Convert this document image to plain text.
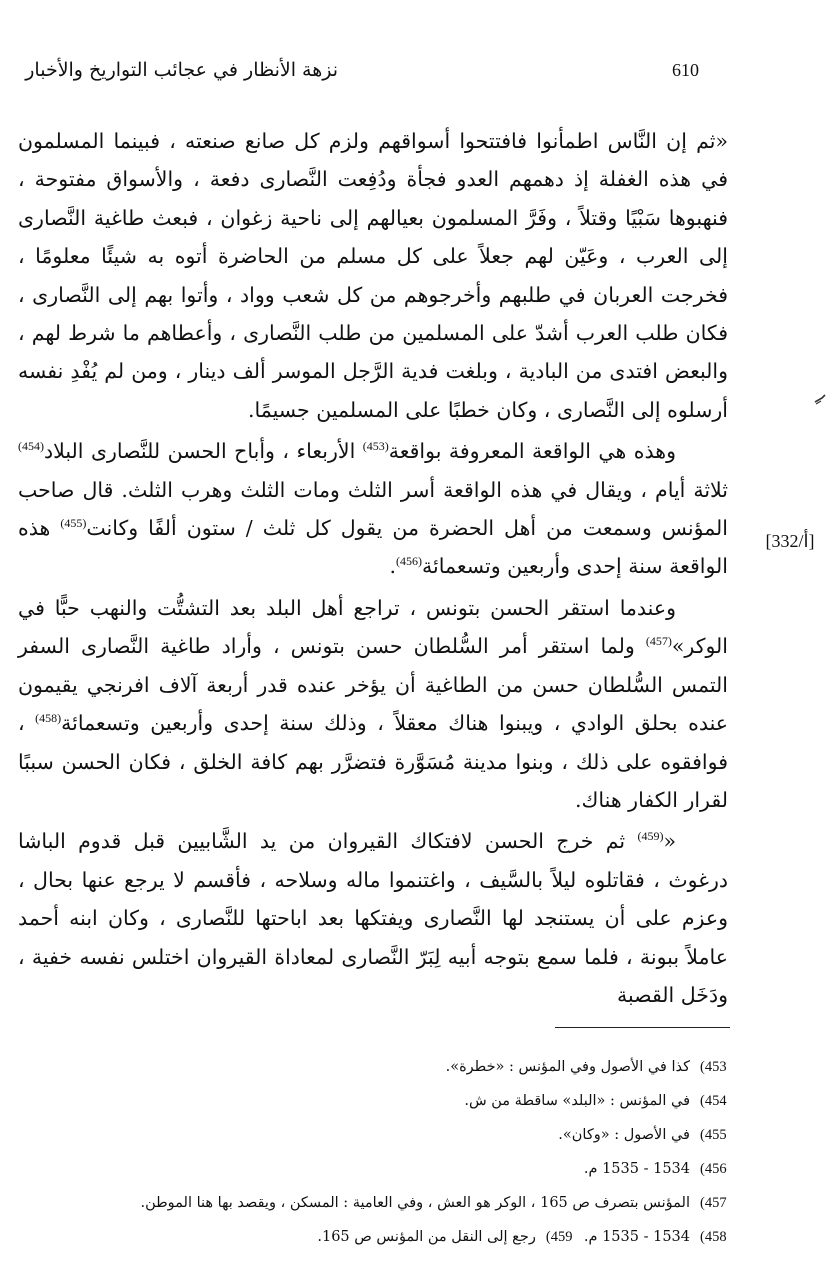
610
نزهة الأنظار في عجائب التواريخ والأخبار
[332/أ]

«ثم إن النَّاس اطمأنوا فافتتحوا أسواقهم ولزم كل صانع صنعته ، فبينما المسلمون في هذه الغفلة إذ دهمهم العدو فجأة ودُفِعت النَّصارى دفعة ، والأسواق مفتوحة ، فنهبوها سَبْيًا وقتلاً ، وفَرَّ المسلمون بعيالهم إلى ناحية زغوان ، فبعث طاغية النَّصارى إلى العرب ، وعَيّن لهم جعلاً على كل مسلم من الحاضرة أتوه به شيئًا معلومًا ، فخرجت العربان في طلبهم وأخرجوهم من كل شعب وواد ، وأتوا بهم إلى النَّصارى ، فكان طلب العرب أشدّ على المسلمين من طلب النَّصارى ، وأعطاهم ما شرط لهم ، والبعض افتدى من البادية ، وبلغت فدية الرَّجل الموسر ألف دينار ، ومن لم يُفْدِ نفسه أرسلوه إلى النَّصارى ، وكان خطبًا على المسلمين جسيمًا.

وهذه هي الواقعة المعروفة بواقعة$^{(453)}$ الأربعاء ، وأباح الحسن للنَّصارى البلاد$^{(454)}$ ثلاثة أيام ، ويقال في هذه الواقعة أسر الثلث ومات الثلث وهرب الثلث. قال صاحب المؤنس وسمعت من أهل الحضرة من يقول كل ثلث / ستون ألفًا وكانت$^{(455)}$ هذه الواقعة سنة إحدى وأربعين وتسعمائة$^{(456)}$.

وعندما استقر الحسن بتونس ، تراجع أهل البلد بعد التشتُّت والنهب حبًّا في الوكر»$^{(457)}$ ولما استقر أمر السُّلطان حسن بتونس ، وأراد طاغية النَّصارى السفر التمس السُّلطان حسن من الطاغية أن يؤخر عنده قدر أربعة آلاف افرنجي يقيمون عنده بحلق الوادي ، ويبنوا هناك معقلاً ، وذلك سنة إحدى وأربعين وتسعمائة$^{(458)}$ ، فوافقوه على ذلك ، وبنوا مدينة مُسَوَّرة فتضرَّر بهم كافة الخلق ، فكان الحسن سببًا لقرار الكفار هناك.

«$^{(459)}$ ثم خرج الحسن لافتكاك القيروان من يد الشَّابيين قبل قدوم الباشا درغوث ، فقاتلوه ليلاً بالسَّيف ، واغتنموا ماله وسلاحه ، فأقسم لا يرجع عنها بحال ، وعزم على أن يستنجد لها النَّصارى ويفتكها بعد اباحتها للنَّصارى ، وكان ابنه أحمد عاملاً ببونة ، فلما سمع بتوجه أبيه لِبَرّ النَّصارى لمعاداة القيروان اختلس نفسه خفية ، ودَخَل القصبة

453)
كذا في الأصول وفي المؤنس : «خطرة».
454)
في المؤنس : «البلد» ساقطة من ش.
455)
في الأصول : «وكان».
456)
1534 - 1535 م.
457)
المؤنس بتصرف ص 165 ، الوكر هو العش ، وفي العامية : المسكن ، ويقصد بها هنا الموطن.
458)
1534 - 1535 م.
459)
رجع إلى النقل من المؤنس ص 165.
